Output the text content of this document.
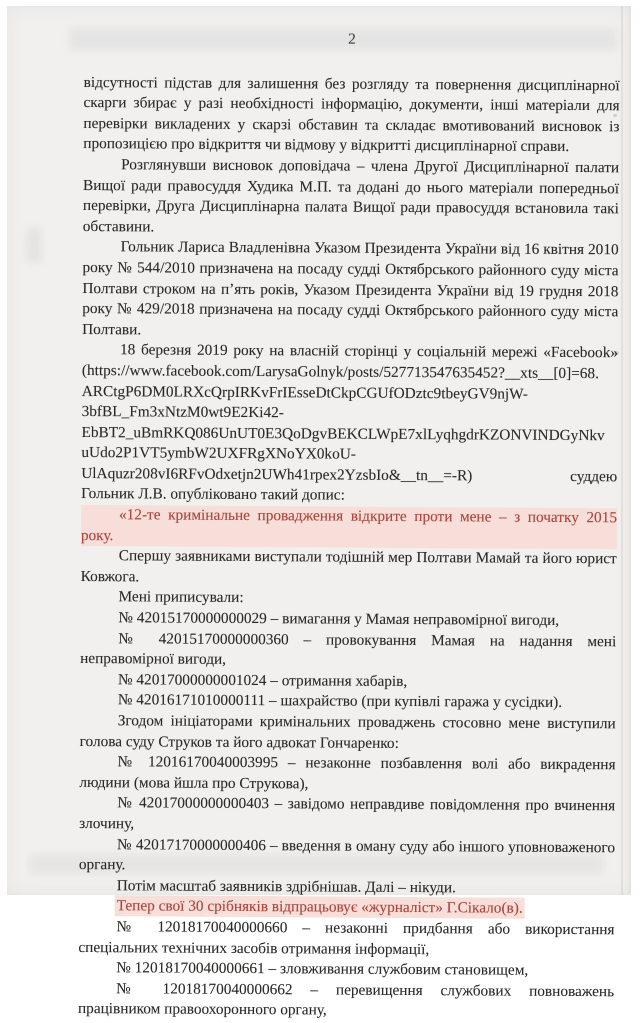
2

відсутності підстав для залишення без розгляду та повернення дисциплінарної скарги збирає у разі необхідності інформацію, документи, інші матеріали для перевірки викладених у скарзі обставин та складає вмотивований висновок із пропозицією про відкриття чи відмову у відкритті дисциплінарної справи.

Розглянувши висновок доповідача – члена Другої Дисциплінарної палати Вищої ради правосуддя Худика М.П. та додані до нього матеріали попередньої перевірки, Друга Дисциплінарна палата Вищої ради правосуддя встановила такі обставини.

Гольник Лариса Владленівна Указом Президента України від 16 квітня 2010 року № 544/2010 призначена на посаду судді Октябрського районного суду міста Полтави строком на п’ять років, Указом Президента України від 19 грудня 2018 року № 429/2018 призначена на посаду судді Октябрського районного суду міста Полтави.

18 березня 2019 року на власній сторінці у соціальній мережі «Facebook»

(https://www.facebook.com/LarysaGolnyk/posts/527713547635452?__xts__[0]=68.

ARCtgP6DM0LRXcQrpIRKvFrIEsseDtCkpCGUfODztc9tbeyGV9njW-

3bfBL_Fm3xNtzM0wt9E2Ki42-

EbBT2_uBmRKQ086UnUT0E3QoDgvBEKCLWpE7xlLyqhgdrKZONVINDGyNkv

uUdo2P1VT5ymbW2UXFRgXNoYX0koU-

UlAquzr208vI6RFvOdxetjn2UWh41rpex2YzsbIo&__tn__=-R)	суддею

Гольник Л.В. опубліковано такий допис:

«12-те кримінальне провадження відкрите проти мене – з початку 2015 року.

Спершу заявниками виступали тодішній мер Полтави Мамай та його юрист Ковжога.

Мені приписували:

№ 42015170000000029 – вимагання у Мамая неправомірної вигоди,

№ 42015170000000360 – провокування Мамая на надання мені неправомірної вигоди,

№ 42017000000001024 – отримання хабарів,

№ 42016171010000111 – шахрайство (при купівлі гаража у сусідки).

Згодом ініціаторами кримінальних проваджень стосовно мене виступили голова суду Струков та його адвокат Гончаренко:

№ 12016170040003995 – незаконне позбавлення волі або викрадення людини (мова йшла про Струкова),

№ 42017000000000403 – завідомо неправдиве повідомлення про вчинення злочину,

№ 42017170000000406 – введення в оману суду або іншого уповноваженого органу.

Потім масштаб заявників здрібнішав. Далі – нікуди.

Тепер свої 30 срібняків відпрацьовує «журналіст» Г.Сікало(в).

№ 12018170040000660 – незаконні придбання або використання спеціальних технічних засобів отримання інформації,

№ 12018170040000661 – зловживання службовим становищем,

№ 12018170040000662 – перевищення службових повноважень працівником правоохоронного органу,
